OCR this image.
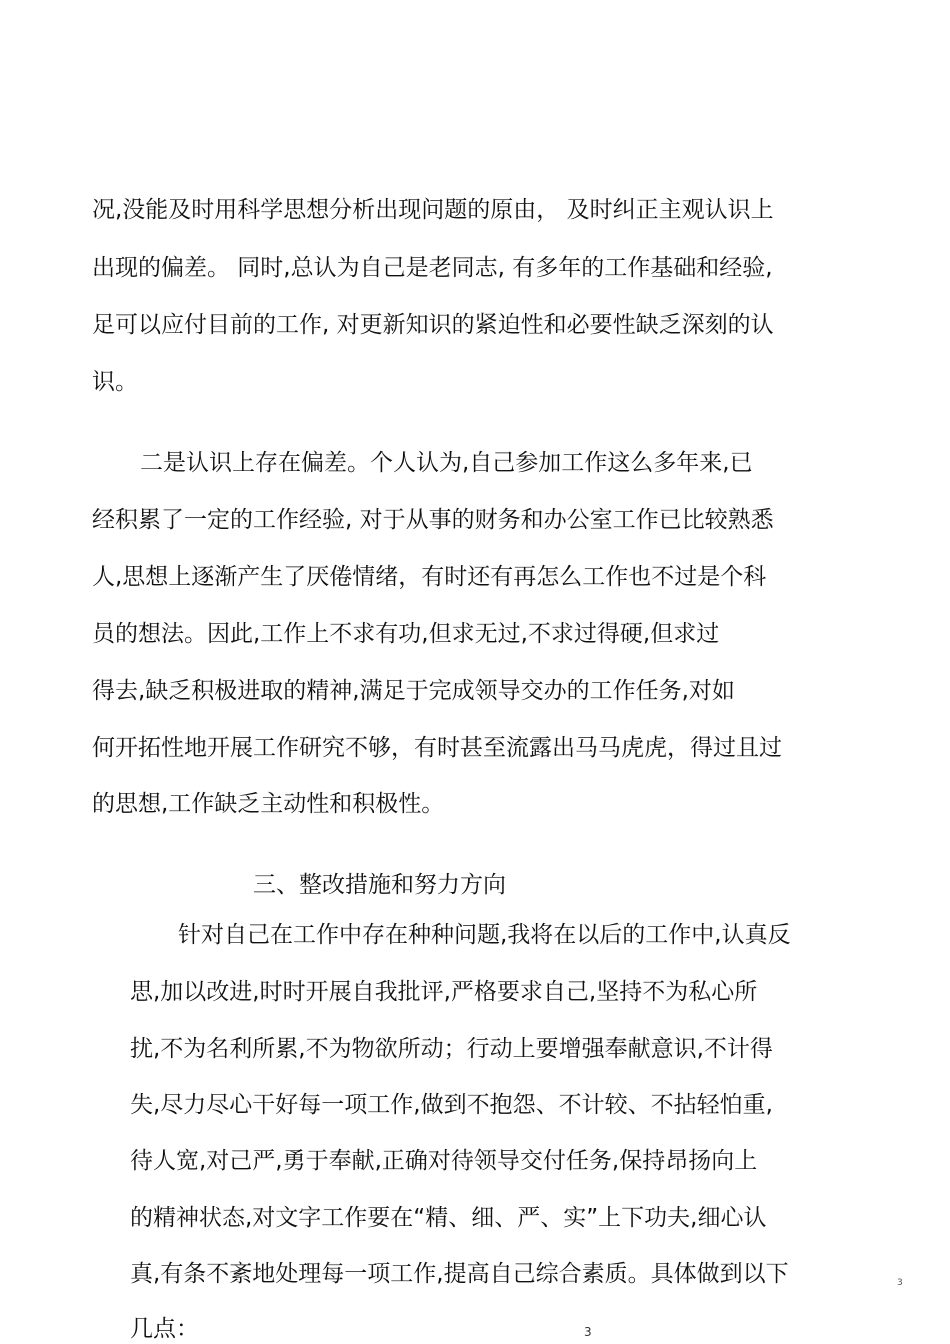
况,没能及时用科学思想分析出现问题的原由， 及时纠正主观认识上
出现的偏差。 同时,总认为自己是老同志, 有多年的工作基础和经验,
足可以应付目前的工作, 对更新知识的紧迫性和必要性缺乏深刻的认
识。
二是认识上存在偏差。个人认为,自己参加工作这么多年来,已
经积累了一定的工作经验, 对于从事的财务和办公室工作已比较熟悉
人,思想上逐渐产生了厌倦情绪，有时还有再怎么工作也不过是个科
员的想法。因此,工作上不求有功,但求无过,不求过得硬,但求过
得去,缺乏积极进取的精神,满足于完成领导交办的工作任务,对如
何开拓性地开展工作研究不够，有时甚至流露出马马虎虎，得过且过
的思想,工作缺乏主动性和积极性。
三、整改措施和努力方向
针对自己在工作中存在种种问题,我将在以后的工作中,认真反
思,加以改进,时时开展自我批评,严格要求自己,坚持不为私心所
扰,不为名利所累,不为物欲所动；行动上要增强奉献意识,不计得
失,尽力尽心干好每一项工作,做到不抱怨、不计较、不拈轻怕重,
待人宽,对己严,勇于奉献,正确对待领导交付任务,保持昂扬向上
的精神状态,对文字工作要在“精、细、严、实”上下功夫,细心认
真,有条不紊地处理每一项工作,提高自己综合素质。具体做到以下
几点：	3
3
